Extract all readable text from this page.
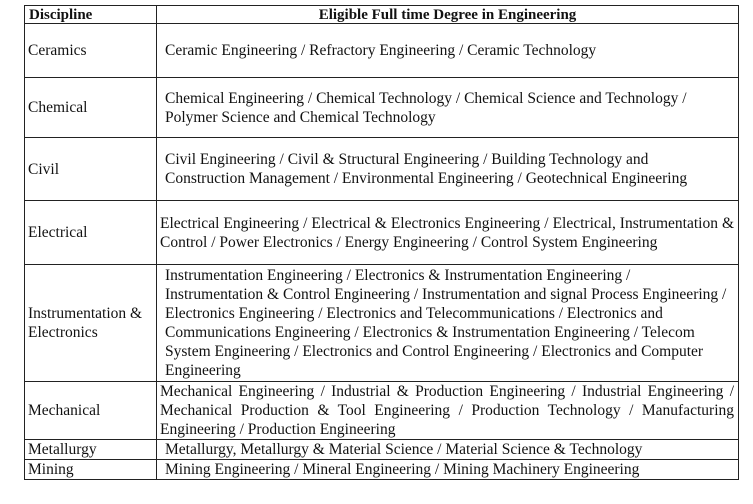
Discipline	Eligible Full time Degree in Engineering
Ceramics	Ceramic Engineering / Refractory Engineering / Ceramic Technology
Chemical	Chemical Engineering / Chemical Technology / Chemical Science and Technology / Polymer Science and Chemical Technology
Civil	Civil Engineering / Civil & Structural Engineering / Building Technology and Construction Management / Environmental Engineering / Geotechnical Engineering
Electrical	Electrical Engineering / Electrical & Electronics Engineering / Electrical, Instrumentation & Control / Power Electronics / Energy Engineering / Control System Engineering
Instrumentation & Electronics	Instrumentation Engineering / Electronics & Instrumentation Engineering / Instrumentation & Control Engineering / Instrumentation and signal Process Engineering / Electronics Engineering / Electronics and Telecommunications / Electronics and Communications Engineering / Electronics & Instrumentation Engineering / Telecom System Engineering / Electronics and Control Engineering / Electronics and Computer Engineering
Mechanical	Mechanical Engineering / Industrial & Production Engineering / Industrial Engineering / Mechanical Production & Tool Engineering / Production Technology / Manufacturing Engineering / Production Engineering
Metallurgy	Metallurgy, Metallurgy & Material Science / Material Science & Technology
Mining	Mining Engineering / Mineral Engineering / Mining Machinery Engineering
